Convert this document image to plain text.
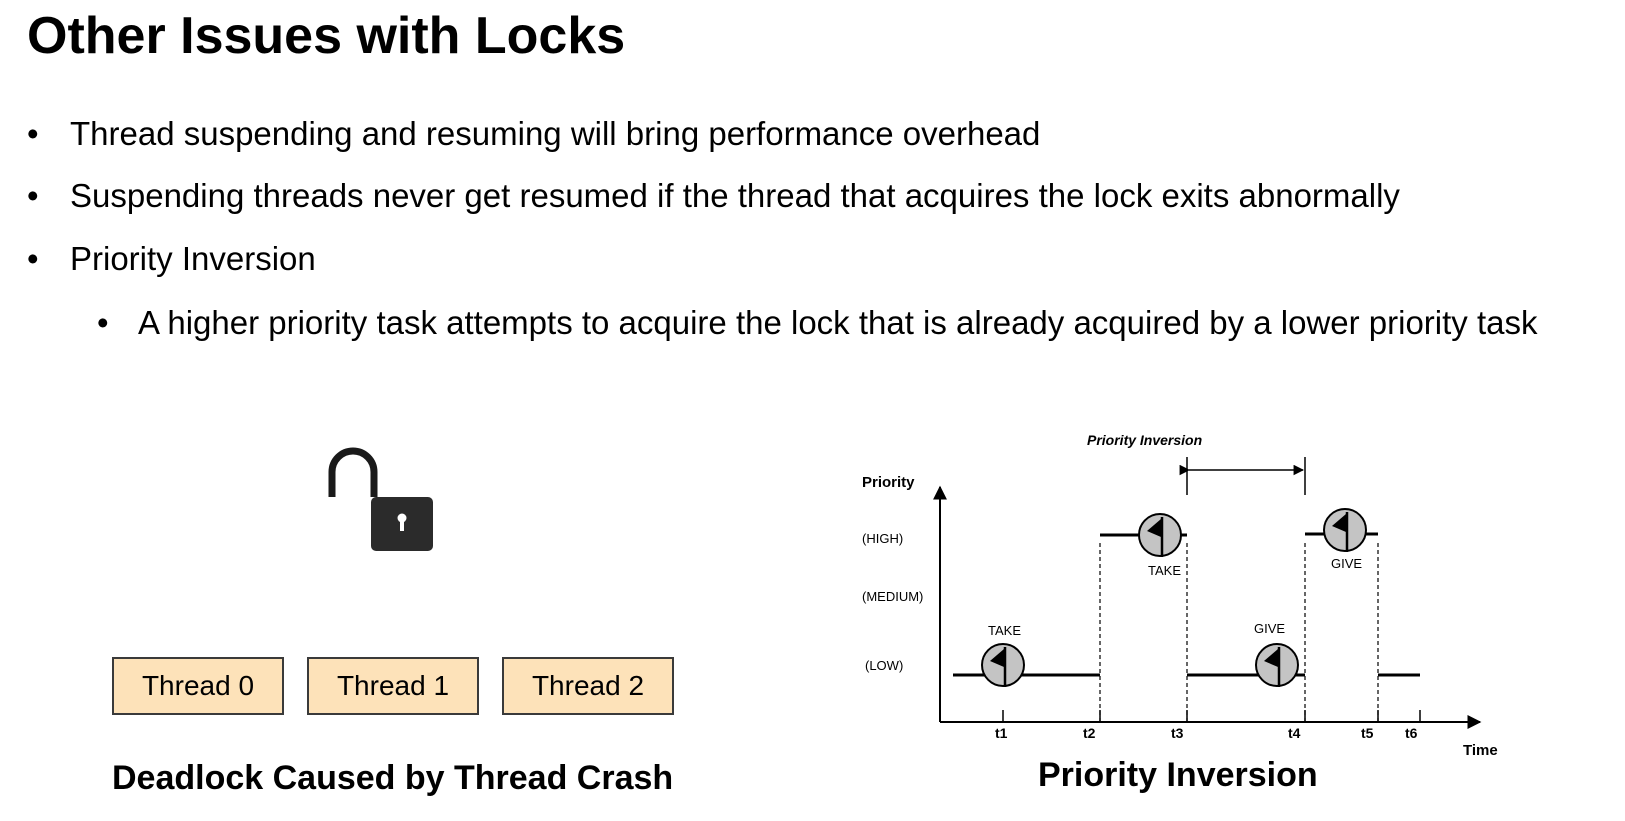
Other Issues with Locks
• Thread suspending and resuming will bring performance overhead
• Suspending threads never get resumed if the thread that acquires the lock exits abnormally
• Priority Inversion
• A higher priority task attempts to acquire the lock that is already acquired by a lower priority task
Thread 0	Thread 1	Thread 2
Deadlock Caused by Thread Crash
Priority Inversion
Priority
Time
(HIGH)
(MEDIUM)
(LOW)
t1	t2	t3	t4	t5 t6
TAKE
TAKE
GIVE
GIVE
Priority Inversion
